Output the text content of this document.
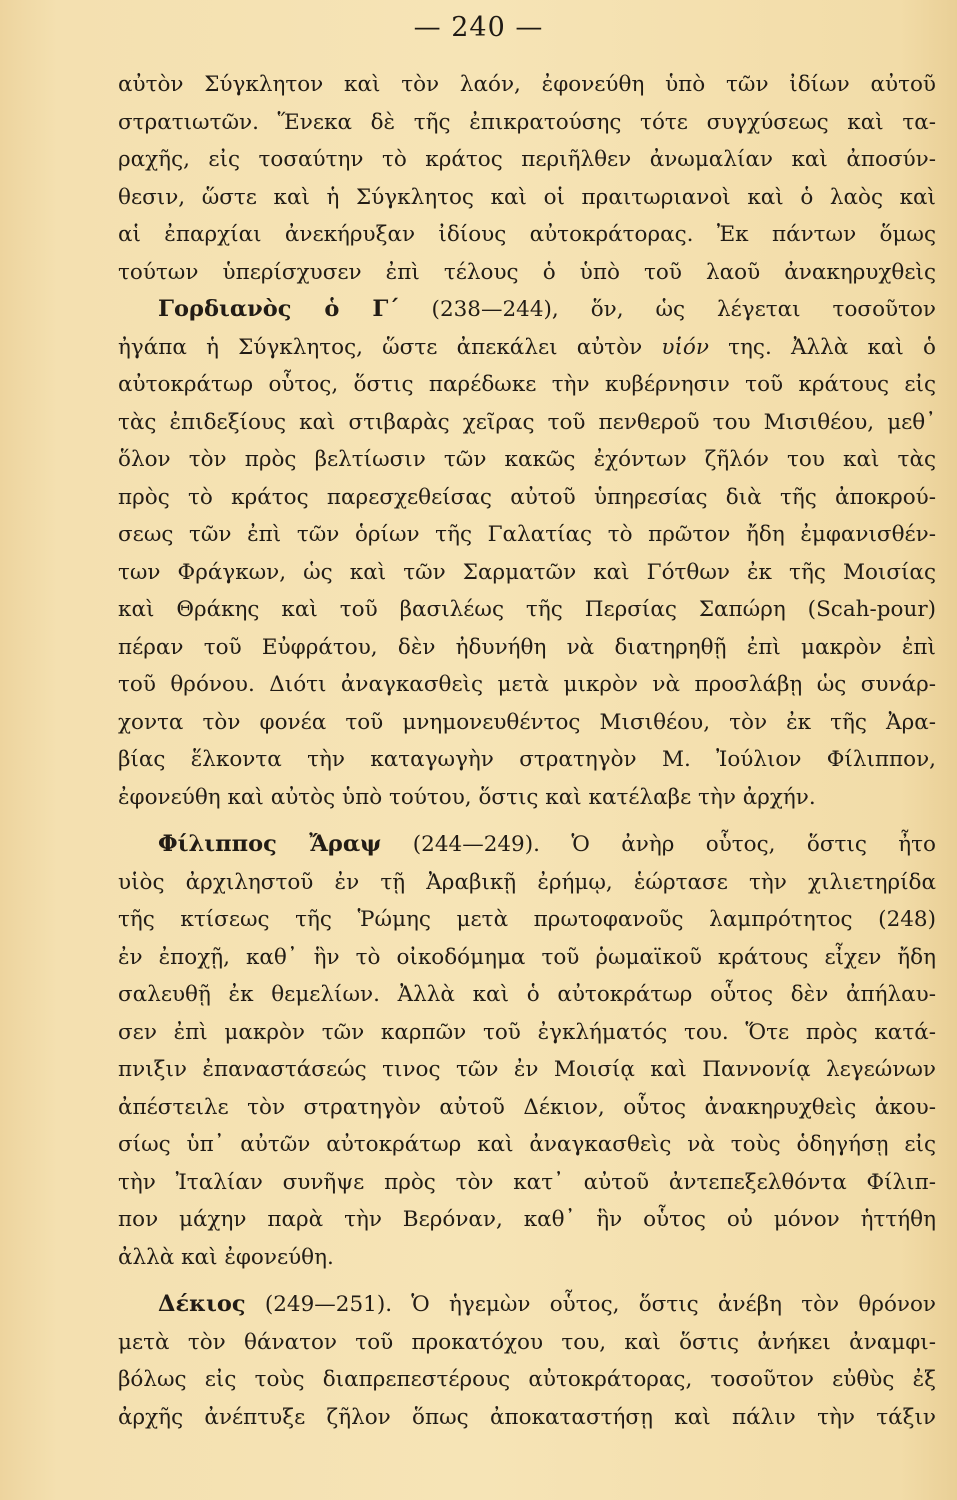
— 240 —
αὐτὸν Σύγκλητον καὶ τὸν λαόν, ἐφονεύθη ὑπὸ τῶν ἰδίων αὐτοῦ
στρατιωτῶν. Ἕνεκα δὲ τῆς ἐπικρατούσης τότε συγχύσεως καὶ τα-
ραχῆς, εἰς τοσαύτην τὸ κράτος περιῆλθεν ἀνωμαλίαν καὶ ἀποσύν-
θεσιν, ὥστε καὶ ἡ Σύγκλητος καὶ οἱ πραιτωριανοὶ καὶ ὁ λαὸς καὶ
αἱ ἐπαρχίαι ἀνεκήρυξαν ἰδίους αὐτοκράτορας. Ἐκ πάντων ὅμως
τούτων ὑπερίσχυσεν ἐπὶ τέλους ὁ ὑπὸ τοῦ λαοῦ ἀνακηρυχθεὶς
Γορδιανὸς ὁ Γ΄ (238—244), ὅν, ὡς λέγεται τοσοῦτον
ἠγάπα ἡ Σύγκλητος, ὥστε ἀπεκάλει αὐτὸν υἱόν της. Ἀλλὰ καὶ ὁ
αὐτοκράτωρ οὗτος, ὅστις παρέδωκε τὴν κυβέρνησιν τοῦ κράτους εἰς
τὰς ἐπιδεξίους καὶ στιβαρὰς χεῖρας τοῦ πενθεροῦ του Μισιθέου, μεθ᾽
ὅλον τὸν πρὸς βελτίωσιν τῶν κακῶς ἐχόντων ζῆλόν του καὶ τὰς
πρὸς τὸ κράτος παρεσχεθείσας αὐτοῦ ὑπηρεσίας διὰ τῆς ἀποκρού-
σεως τῶν ἐπὶ τῶν ὁρίων τῆς Γαλατίας τὸ πρῶτον ἤδη ἐμφανισθέν-
των Φράγκων, ὡς καὶ τῶν Σαρματῶν καὶ Γότθων ἐκ τῆς Μοισίας
καὶ Θράκης καὶ τοῦ βασιλέως τῆς Περσίας Σαπώρη (Scah-pour)
πέραν τοῦ Εὐφράτου, δὲν ἠδυνήθη νὰ διατηρηθῇ ἐπὶ μακρὸν ἐπὶ
τοῦ θρόνου. Διότι ἀναγκασθεὶς μετὰ μικρὸν νὰ προσλάβῃ ὡς συνάρ-
χοντα τὸν φονέα τοῦ μνημονευθέντος Μισιθέου, τὸν ἐκ τῆς Ἀρα-
βίας ἕλκοντα τὴν καταγωγὴν στρατηγὸν Μ. Ἰούλιον Φίλιππον,
ἐφονεύθη καὶ αὐτὸς ὑπὸ τούτου, ὅστις καὶ κατέλαβε τὴν ἀρχήν.
Φίλιππος Ἄραψ (244—249). Ὁ ἀνὴρ οὗτος, ὅστις ἦτο
υἱὸς ἀρχιληστοῦ ἐν τῇ Ἀραβικῇ ἐρήμῳ, ἑώρτασε τὴν χιλιετηρίδα
τῆς κτίσεως τῆς Ῥώμης μετὰ πρωτοφανοῦς λαμπρότητος (248)
ἐν ἐποχῇ, καθ᾽ ἣν τὸ οἰκοδόμημα τοῦ ῥωμαϊκοῦ κράτους εἶχεν ἤδη
σαλευθῇ ἐκ θεμελίων. Ἀλλὰ καὶ ὁ αὐτοκράτωρ οὗτος δὲν ἀπήλαυ-
σεν ἐπὶ μακρὸν τῶν καρπῶν τοῦ ἐγκλήματός του. Ὅτε πρὸς κατά-
πνιξιν ἐπαναστάσεώς τινος τῶν ἐν Μοισίᾳ καὶ Παννονίᾳ λεγεώνων
ἀπέστειλε τὸν στρατηγὸν αὐτοῦ Δέκιον, οὗτος ἀνακηρυχθεὶς ἀκου-
σίως ὑπ᾽ αὐτῶν αὐτοκράτωρ καὶ ἀναγκασθεὶς νὰ τοὺς ὁδηγήσῃ εἰς
τὴν Ἰταλίαν συνῆψε πρὸς τὸν κατ᾽ αὐτοῦ ἀντεπεξελθόντα Φίλιπ-
πον μάχην παρὰ τὴν Βερόναν, καθ᾽ ἣν οὗτος οὐ μόνον ἡττήθη
ἀλλὰ καὶ ἐφονεύθη.
Δέκιος (249—251). Ὁ ἡγεμὼν οὗτος, ὅστις ἀνέβη τὸν θρόνον
μετὰ τὸν θάνατον τοῦ προκατόχου του, καὶ ὅστις ἀνήκει ἀναμφι-
βόλως εἰς τοὺς διαπρεπεστέρους αὐτοκράτορας, τοσοῦτον εὐθὺς ἐξ
ἀρχῆς ἀνέπτυξε ζῆλον ὅπως ἀποκαταστήσῃ καὶ πάλιν τὴν τάξιν
